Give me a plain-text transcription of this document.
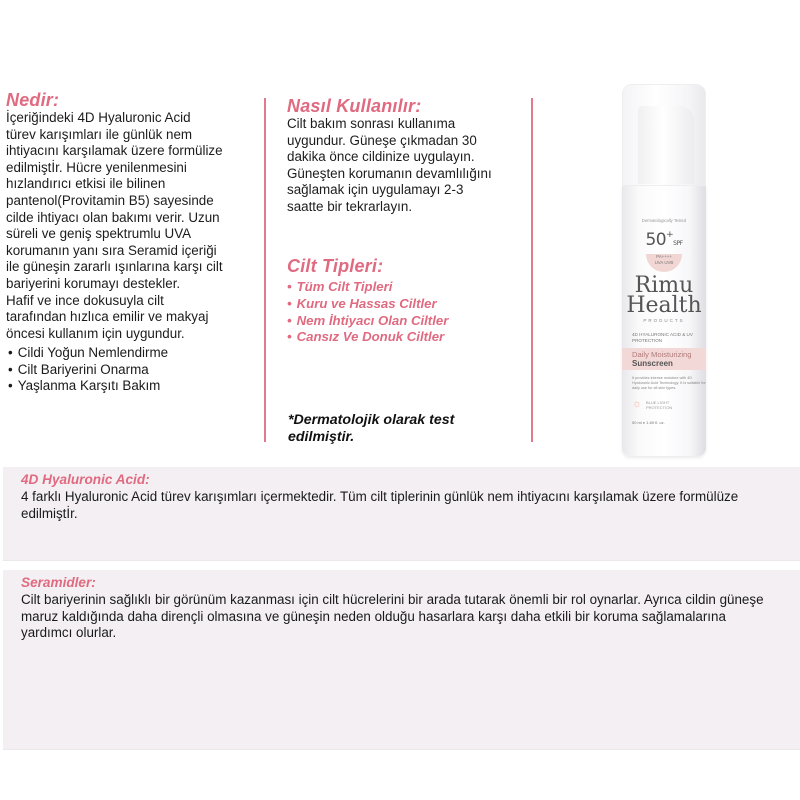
Nedir:
İçeriğindeki 4D Hyaluronic Acid
türev karışımları ile günlük nem
ihtiyacını karşılamak üzere formülize
edilmiştİr. Hücre yenilenmesini
hızlandırıcı etkisi ile bilinen
pantenol(Provitamin B5) sayesinde
cilde ihtiyacı olan bakımı verir. Uzun
süreli ve geniş spektrumlu UVA
korumanın yanı sıra Seramid içeriği
ile güneşin zararlı ışınlarına karşı cilt
bariyerini korumayı destekler.
Hafif ve ince dokusuyla cilt
tarafından hızlıca emilir ve makyaj
öncesi kullanım için uygundur.
• Cildi Yoğun Nemlendirme
• Cilt Bariyerini Onarma
• Yaşlanma Karşıtı Bakım
Nasıl Kullanılır:
Cilt bakım sonrası kullanıma
uygundur. Güneşe çıkmadan 30
dakika önce cildinize uygulayın.
Güneşten korumanın devamlılığını
sağlamak için uygulamayı 2-3
saatte bir tekrarlayın.
Cilt Tipleri:
• Tüm Cilt Tipleri
• Kuru ve Hassas Ciltler
• Nem İhtiyacı Olan Ciltler
• Cansız Ve Donuk Ciltler
*Dermatolojik olarak test
edilmiştir.
Dermatologically Tested
50+SPF
PA++++
UVA UVB
Rimu
Health
PRODUCTS
4D HYALURONIC ACID & UV PROTECTION
Daily Moisturizing
Sunscreen
It provides intense moisture with 4D Hyaluronic Acid Technology. It is suitable for daily use for all skin types.
☼ BLUE LIGHT PROTECTION
50 ml e 1.69 fl. oz.
4D Hyaluronic Acid:
4 farklı Hyaluronic Acid türev karışımları içermektedir. Tüm cilt tiplerinin günlük nem ihtiyacını karşılamak üzere formülüze edilmiştİr.
Seramidler:
Cilt bariyerinin sağlıklı bir görünüm kazanması için cilt hücrelerini bir arada tutarak önemli bir rol oynarlar. Ayrıca cildin güneşe maruz kaldığında daha dirençli olmasına ve güneşin neden olduğu hasarlara karşı daha etkili bir koruma sağlamalarına yardımcı olurlar.
